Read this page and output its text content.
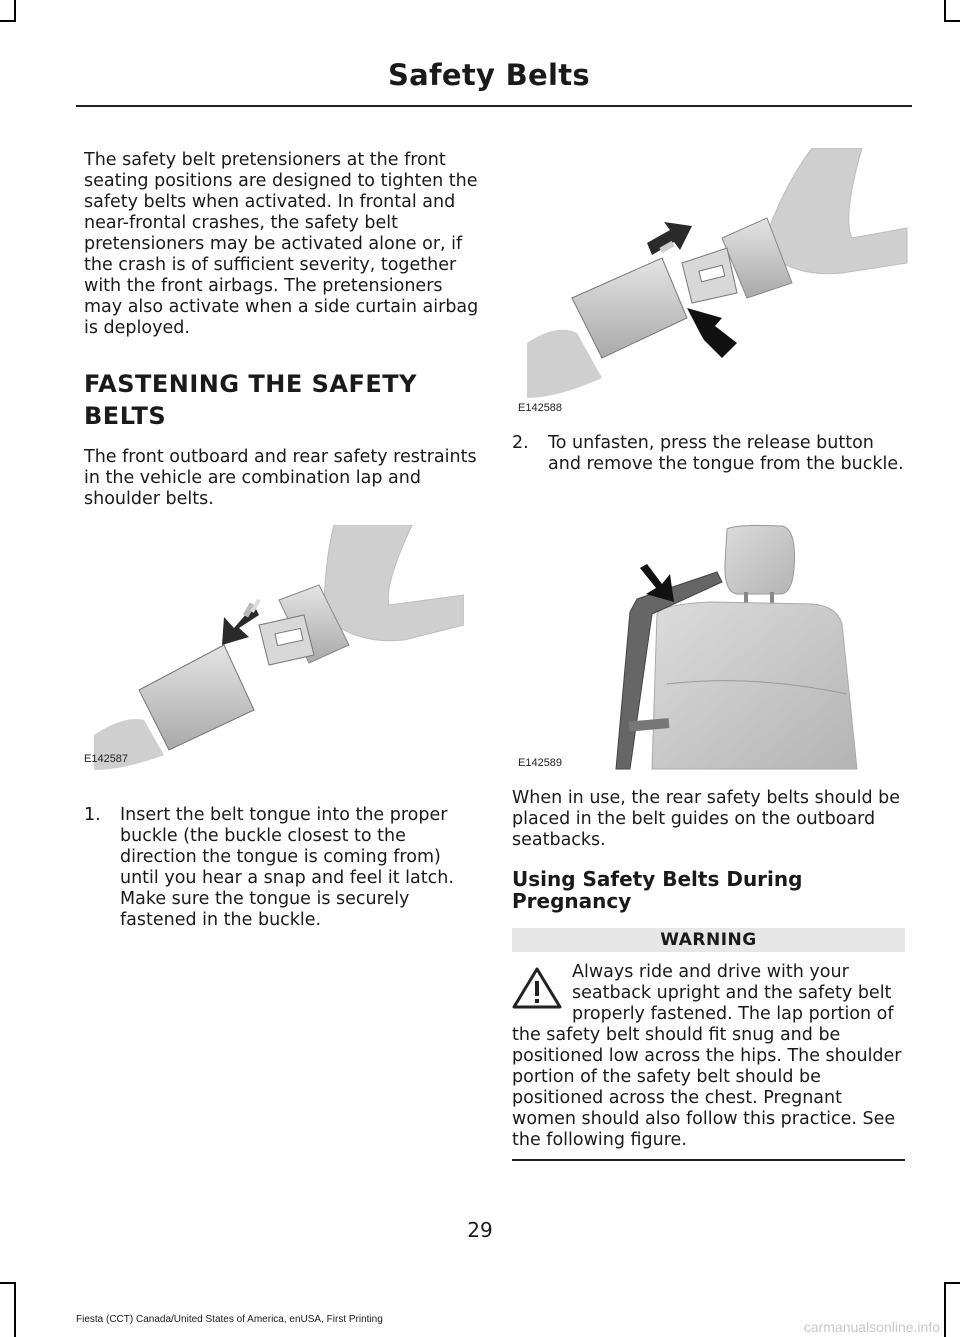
Safety Belts

The safety belt pretensioners at the front seating positions are designed to tighten the safety belts when activated. In frontal and near-frontal crashes, the safety belt pretensioners may be activated alone or, if the crash is of sufficient severity, together with the front airbags. The pretensioners may also activate when a side curtain airbag is deployed.

FASTENING THE SAFETY
BELTS

The front outboard and rear safety restraints in the vehicle are combination lap and shoulder belts.

E142587
1. Insert the belt tongue into the proper buckle (the buckle closest to the direction the tongue is coming from) until you hear a snap and feel it latch. Make sure the tongue is securely fastened in the buckle.
E142588
2. To unfasten, press the release button and remove the tongue from the buckle.
E142589

When in use, the rear safety belts should be placed in the belt guides on the outboard seatbacks.

Using Safety Belts During Pregnancy
WARNING

Always ride and drive with your seatback upright and the safety belt properly fastened. The lap portion of the safety belt should fit snug and be positioned low across the hips. The shoulder portion of the safety belt should be positioned across the chest. Pregnant women should also follow this practice. See the following figure.

29
Fiesta (CCT) Canada/United States of America, enUSA, First Printing	carmanualsonline.info
